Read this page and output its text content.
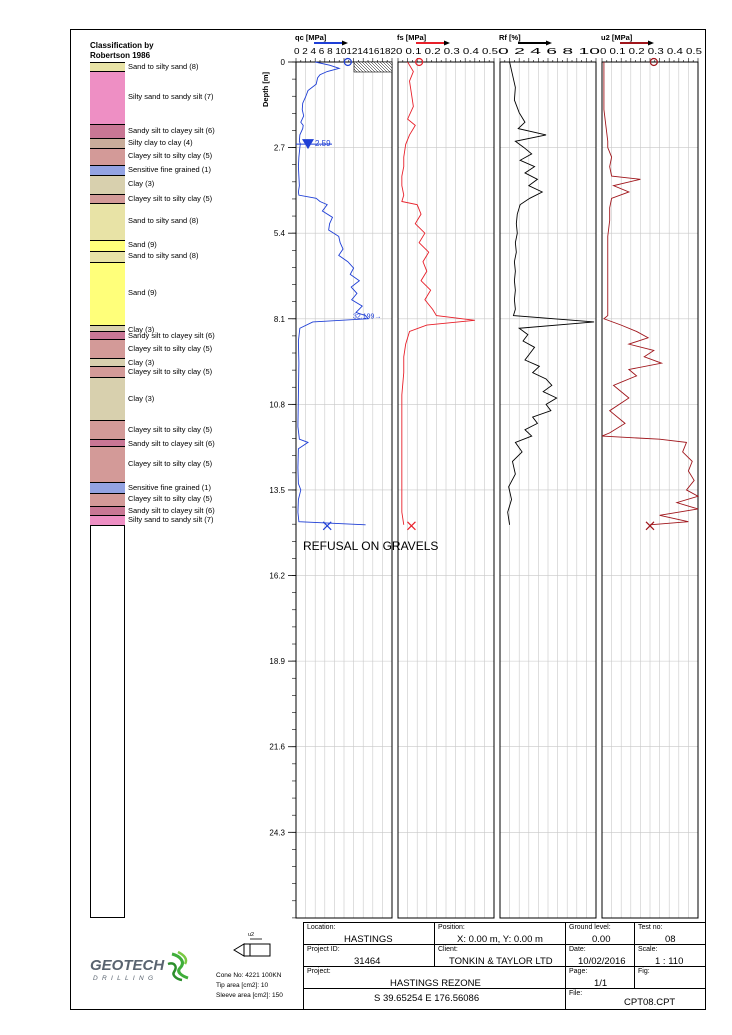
Classification by
Robertson 1986
Sand to silty sand (8)
Silty sand to sandy silt (7)
Sandy silt to clayey silt (6)
Silty clay to clay (4)
Clayey silt to silty clay (5)
Sensitive fine grained (1)
Clay (3)
Clayey silt to silty clay (5)
Sand to silty sand (8)
Sand (9)
Sand to silty sand (8)
Sand (9)
Clay (3)
Sandy silt to clayey silt (6)
Clayey silt to silty clay (5)
Clay (3)
Clayey silt to silty clay (5)
Clay (3)
Clayey silt to silty clay (5)
Sandy silt to clayey silt (6)
Clayey silt to silty clay (5)
Sensitive fine grained (1)
Clayey silt to silty clay (5)
Sandy silt to clayey silt (6)
Silty sand to sandy silt (7)
Depth [m]
0
2.7
5.4
8.1
10.8
13.5
16.2
18.9
21.6
24.3
qc [MPa]
0 2 4 6 8 10121416182
fs [MPa]
0 0.1 0.2 0.3 0.4 0.5
Rf [%]
0 2 4 6 8 10
u2 [MPa]
0 0.1 0.2 0.3 0.4 0.5
2.59
32.199→
REFUSAL ON GRAVELS
GEOTECH
DRILLING
u2
Cone No: 4221 100KN
Tip area [cm2]: 10
Sleeve area [cm2]: 150
Location:
HASTINGS
Position:
X: 0.00 m, Y: 0.00 m
Ground level:
0.00
Test no:
08
Project ID:
31464
Client:
TONKIN & TAYLOR LTD
Date:
10/02/2016
Scale:
1 : 110
Project:
HASTINGS REZONE
Page:
1/1
Fig:
S 39.65254 E 176.56086	File:
CPT08.CPT
